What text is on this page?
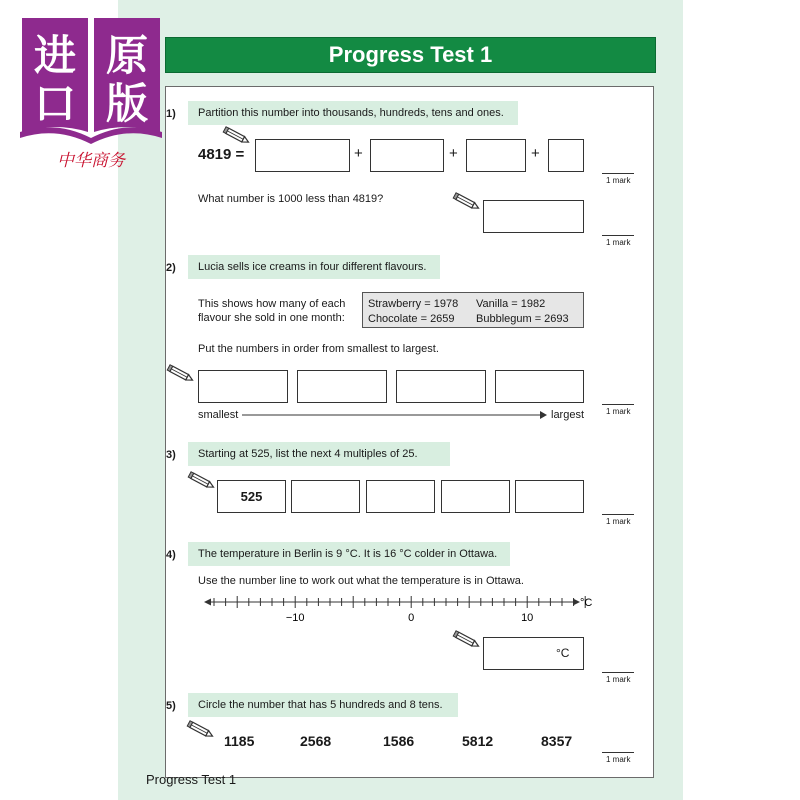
进 原
口 版
中华商务
Progress Test 1
1)	Partition this number into thousands, hundreds, tens and ones.
4819 =	+	+	+
1 mark
What number is 1000 less than 4819?
1 mark
2)	Lucia sells ice creams in four different flavours.
This shows how many of each
flavour she sold in one month:
Strawberry = 1978 Vanilla = 1982
Chocolate = 2659 Bubblegum = 2693
Put the numbers in order from smallest to largest.
smallest	largest	1 mark
3)	Starting at 525, list the next 4 multiples of 25.
525
1 mark
4)	The temperature in Berlin is 9 °C. It is 16 °C colder in Ottawa.
Use the number line to work out what the temperature is in Ottawa.
−10	0	10
°C
°C
1 mark
5)	Circle the number that has 5 hundreds and 8 tens.
1185	2568	1586	5812	8357
1 mark
Progress Test 1
